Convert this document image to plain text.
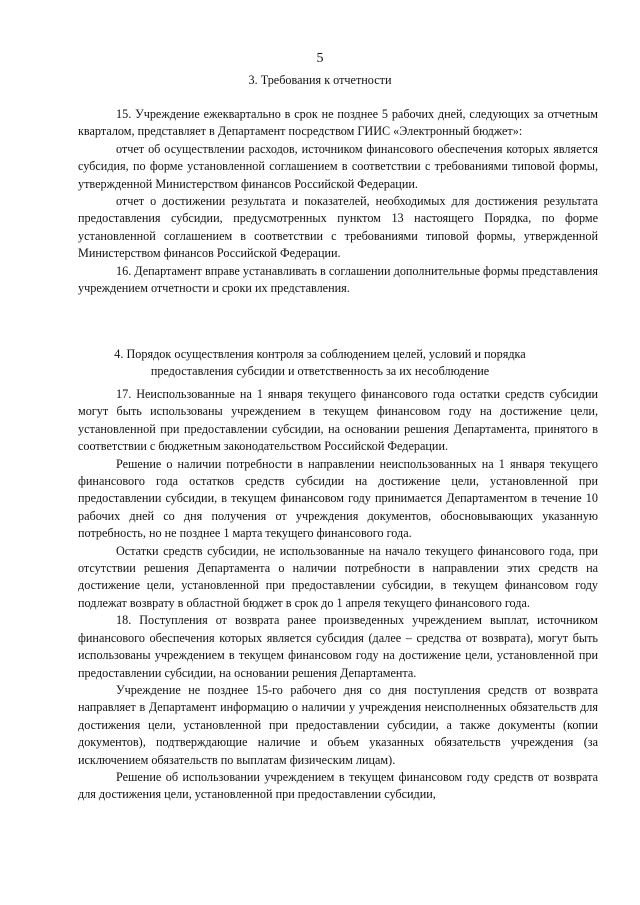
5
3. Требования к отчетности

15. Учреждение ежеквартально в срок не позднее 5 рабочих дней, следующих за отчетным кварталом, представляет в Департамент посредством ГИИС «Электронный бюджет»:

отчет об осуществлении расходов, источником финансового обеспечения которых является субсидия, по форме установленной соглашением в соответствии с требованиями типовой формы, утвержденной Министерством финансов Российской Федерации.

отчет о достижении результата и показателей, необходимых для достижения результата предоставления субсидии, предусмотренных пунктом 13 настоящего Порядка, по форме установленной соглашением в соответствии с требованиями типовой формы, утвержденной Министерством финансов Российской Федерации.

16. Департамент вправе устанавливать в соглашении дополнительные формы представления учреждением отчетности и сроки их представления.

4. Порядок осуществления контроля за соблюдением целей, условий и порядка
предоставления субсидии и ответственность за их несоблюдение

17. Неиспользованные на 1 января текущего финансового года остатки средств субсидии могут быть использованы учреждением в текущем финансовом году на достижение цели, установленной при предоставлении субсидии, на основании решения Департамента, принятого в соответствии с бюджетным законодательством Российской Федерации.

Решение о наличии потребности в направлении неиспользованных на 1 января текущего финансового года остатков средств субсидии на достижение цели, установленной при предоставлении субсидии, в текущем финансовом году принимается Департаментом в течение 10 рабочих дней со дня получения от учреждения документов, обосновывающих указанную потребность, но не позднее 1 марта текущего финансового года.

Остатки средств субсидии, не использованные на начало текущего финансового года, при отсутствии решения Департамента о наличии потребности в направлении этих средств на достижение цели, установленной при предоставлении субсидии, в текущем финансовом году подлежат возврату в областной бюджет в срок до 1 апреля текущего финансового года.

18. Поступления от возврата ранее произведенных учреждением выплат, источником финансового обеспечения которых является субсидия (далее – средства от возврата), могут быть использованы учреждением в текущем финансовом году на достижение цели, установленной при предоставлении субсидии, на основании решения Департамента.

Учреждение не позднее 15-го рабочего дня со дня поступления средств от возврата направляет в Департамент информацию о наличии у учреждения неисполненных обязательств для достижения цели, установленной при предоставлении субсидии, а также документы (копии документов), подтверждающие наличие и объем указанных обязательств учреждения (за исключением обязательств по выплатам физическим лицам).

Решение об использовании учреждением в текущем финансовом году средств от возврата для достижения цели, установленной при предоставлении субсидии,
